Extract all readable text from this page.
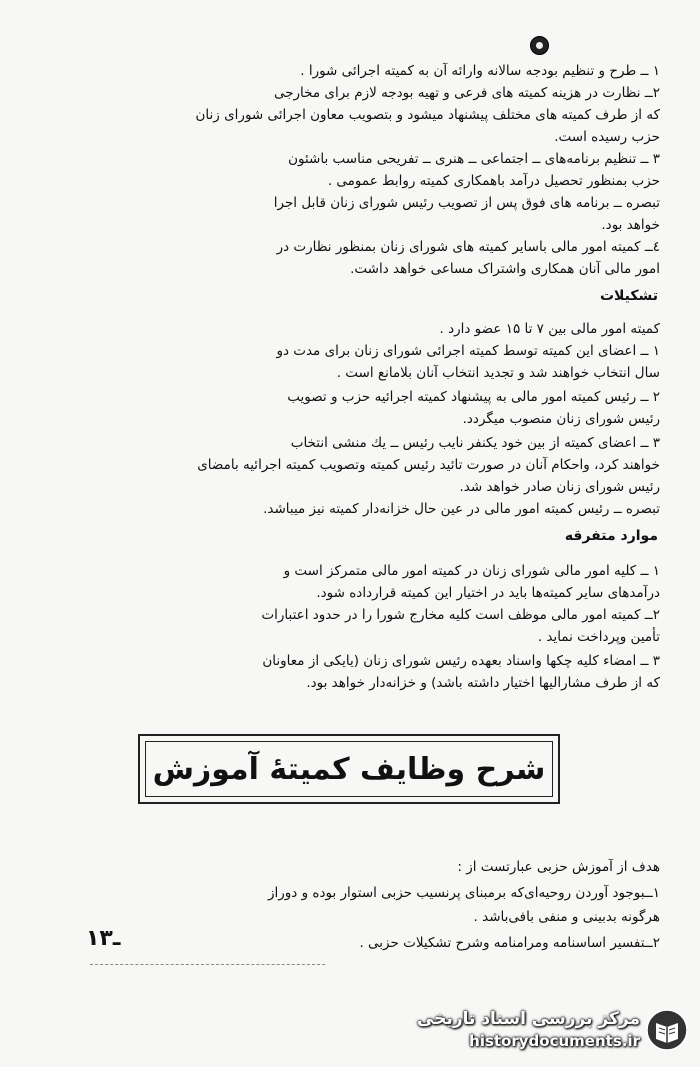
۱ ــ طرح و تنظیم بودجه سالانه وارائه آن به کمیته اجرائی شورا .
۲ــ نظارت در هزینه کمیته های فرعی و تهیه بودجه لازم برای مخارجی
که از طرف کمیته های مختلف پیشنهاد میشود و بتصویب معاون اجرائی شورای زنان
حزب رسیده است.
۳ ــ تنظیم برنامه‌های ــ اجتماعی ــ هنری ــ تفریحی مناسب باشئون
حزب بمنظور تحصیل درآمد باهمکاری کمیته روابط عمومی .
تبصره ــ برنامه های فوق پس از تصویب رئیس شورای زنان قابل اجرا
خواهد بود.
٤ــ کمیته امور مالی باسایر کمیته های شورای زنان بمنظور نظارت در
امور مالی آنان همکاری واشتراک مساعی خواهد داشت.
تشکیلات
کمیته امور مالی بین ۷ تا ۱۵ عضو دارد .
۱ ــ اعضای این کمیته توسط کمیته اجرائی شورای زنان برای مدت دو
سال انتخاب خواهند شد و تجدید انتخاب آنان بلامانع است .
۲ ــ رئیس کمیته امور مالی به پیشنهاد کمیته اجرائیه حزب و تصویب
رئیس شورای زنان منصوب میگردد.
۳ ــ اعضای کمیته از بین خود یکنفر نایب رئیس ــ یك منشی انتخاب
خواهند کرد، واحکام آنان در صورت تائید رئیس کمیته وتصویب کمیته اجرائیه بامضای
رئیس شورای زنان صادر خواهد شد.
تبصره ــ رئیس کمیته امور مالی در عین حال خزانه‌دار کمیته نیز میباشد.
موارد متفرقه
۱ ــ کلیه امور مالی شورای زنان در کمیته امور مالی متمرکز است و
درآمدهای سایر کمیته‌ها باید در اختیار این کمیته قرارداده شود.
۲ــ کمیته امور مالی موظف است کلیه مخارج شورا را در حدود اعتبارات
تأمین وپرداخت نماید .
۳ ــ امضاء کلیه چکها واسناد بعهده رئیس شورای زنان (یایکی از معاونان
که از طرف مشارالیها اختیار داشته باشد) و خزانه‌دار خواهد بود.
شرح وظایف کمیتهٔ آموزش
هدف از آموزش حزبی عبارتست از :
۱ــبوجود آوردن روحیه‌ای‌که برمبنای پرنسیب حزبی استوار بوده و دوراز
هرگونه بدبینی و منفی بافی‌باشد .
۲ــتفسیر اساسنامه ومرامنامه وشرح تشکیلات حزبی .
۱۳ـ
مرکز بررسی اسناد تاریخی
historydocuments.ir
